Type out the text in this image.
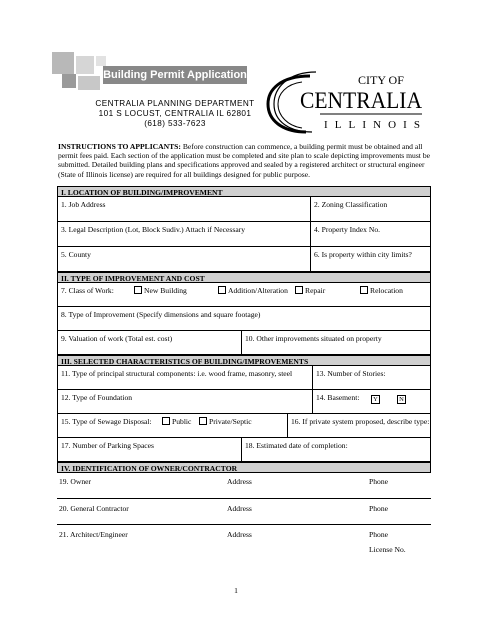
Building Permit Application
CENTRALIA PLANNING DEPARTMENT
101 S LOCUST, CENTRALIA IL 62801
(618) 533-7623
CITY OF
CENTRALIA
ILLINOIS
INSTRUCTIONS TO APPLICANTS: Before construction can commence, a building permit must be obtained and all permit fees paid. Each section of the application must be completed and site plan to scale depicting improvements must be submitted. Detailed building plans and specifications approved and sealed by a registered architect or structural engineer (State of Illinois license) are required for all buildings designed for public purpose.
I. LOCATION OF BUILDING/IMPROVEMENT
1. Job Address	2. Zoning Classification
3. Legal Description (Lot, Block Sudiv.) Attach if Necessary	4. Property Index No.
5. County	6. Is property within city limits?
II. TYPE OF IMPROVEMENT AND COST
7. Class of Work:	New Building	Addition/Alteration	Repair	Relocation
8. Type of Improvement (Specify dimensions and square footage)
9. Valuation of work (Total est. cost)	10. Other improvements situated on property
III. SELECTED CHARACTERISTICS OF BUILDING/IMPROVEMENTS
11. Type of principal structural components: i.e. wood frame, masonry, steel	13. Number of Stories:
12. Type of Foundation	14. Basement:	Y	N
15. Type of Sewage Disposal:	Public	Private/Septic	16. If private system proposed, describe type:
17. Number of Parking Spaces	18. Estimated date of completion:
IV. IDENTIFICATION OF OWNER/CONTRACTOR
19. Owner	Address	Phone
20. General Contractor	Address	Phone
21. Architect/Engineer	Address	Phone
License No.
1
